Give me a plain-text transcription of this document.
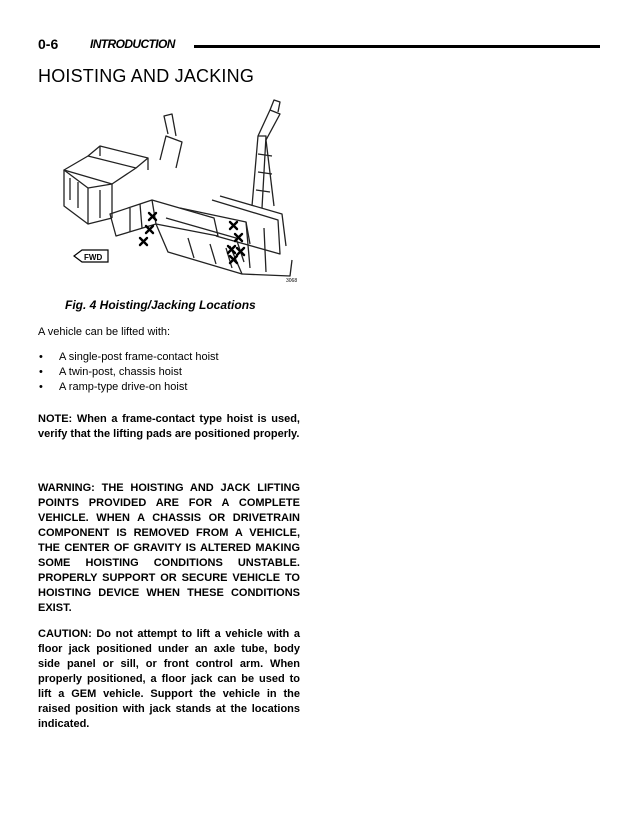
0-6	INTRODUCTION
HOISTING AND JACKING
FWD
3068
Fig. 4 Hoisting/Jacking Locations
A vehicle can be lifted with:
• A single-post frame-contact hoist
• A twin-post, chassis hoist
• A ramp-type drive-on hoist
NOTE: When a frame-contact type hoist is used, verify that the lifting pads are positioned properly.
WARNING: THE HOISTING AND JACK LIFTING POINTS PROVIDED ARE FOR A COMPLETE VEHICLE. WHEN A CHASSIS OR DRIVETRAIN COMPONENT IS REMOVED FROM A VEHICLE, THE CENTER OF GRAVITY IS ALTERED MAKING SOME HOISTING CONDITIONS UNSTABLE. PROPERLY SUPPORT OR SECURE VEHICLE TO HOISTING DEVICE WHEN THESE CONDITIONS EXIST.
CAUTION: Do not attempt to lift a vehicle with a floor jack positioned under an axle tube, body side panel or sill, or front control arm. When properly positioned, a floor jack can be used to lift a GEM vehicle. Support the vehicle in the raised position with jack stands at the locations indicated.
